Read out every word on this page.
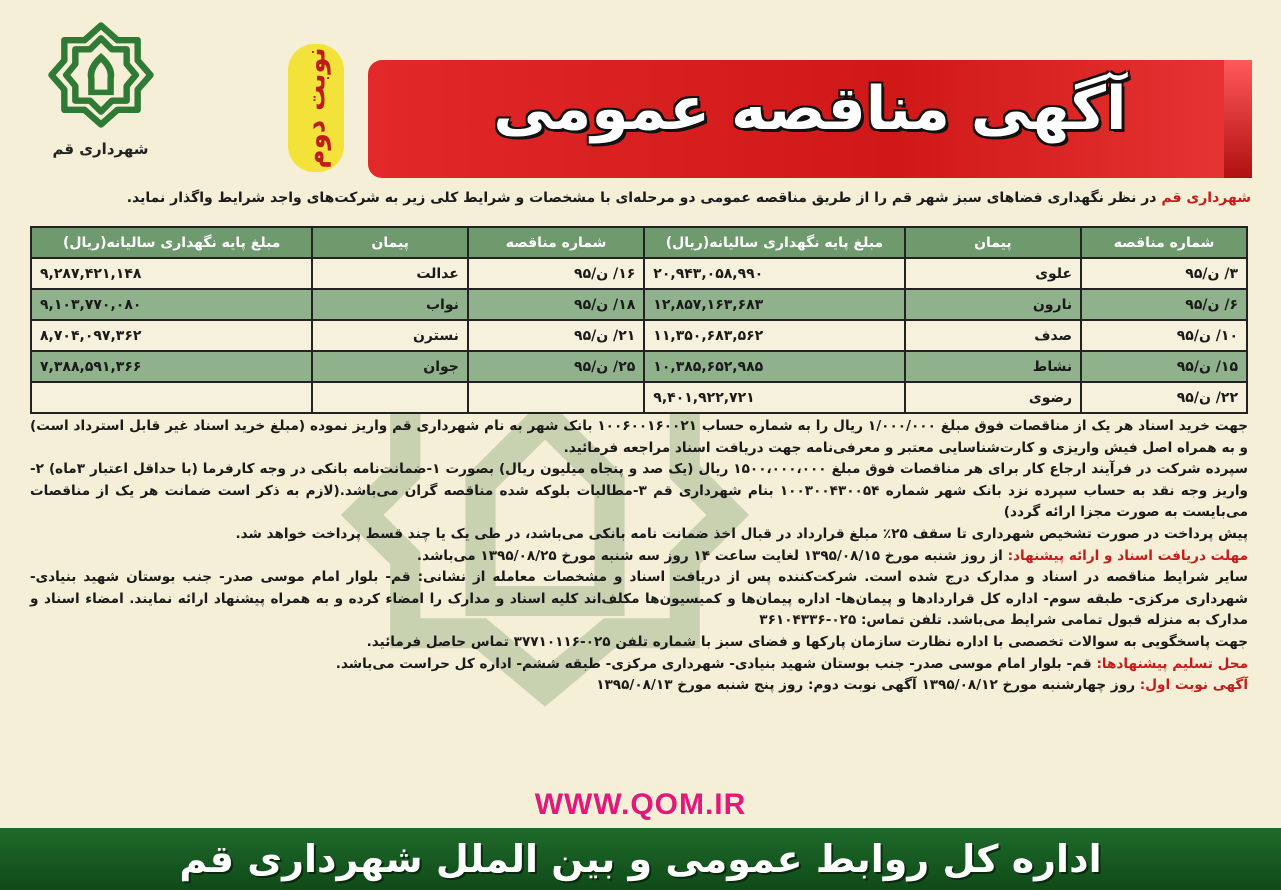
شهرداری قم	نوبت دوم	آگهی مناقصه عمومی
شهرداری قم در نظر نگهداری فضاهای سبز شهر قم را از طریق مناقصه عمومی دو مرحله‌ای با مشخصات و شرایط کلی زیر به شرکت‌های واجد شرایط واگذار نماید.
شماره مناقصه	پیمان	مبلغ پایه نگهداری سالیانه(ریال)	شماره مناقصه	پیمان	مبلغ پایه نگهداری سالیانه(ریال)
۳/ ن/۹۵	علوی	۲۰,۹۴۳,۰۵۸,۹۹۰	۱۶/ ن/۹۵	عدالت	۹,۲۸۷,۴۲۱,۱۴۸
۶/ ن/۹۵	نارون	۱۲,۸۵۷,۱۶۳,۶۸۳	۱۸/ ن/۹۵	نواب	۹,۱۰۳,۷۷۰,۰۸۰
۱۰/ ن/۹۵	صدف	۱۱,۳۵۰,۶۸۳,۵۶۲	۲۱/ ن/۹۵	نسترن	۸,۷۰۴,۰۹۷,۳۶۲
۱۵/ ن/۹۵	نشاط	۱۰,۳۸۵,۶۵۲,۹۸۵	۲۵/ ن/۹۵	جوان	۷,۳۸۸,۵۹۱,۳۶۶
۲۲/ ن/۹۵	رضوی	۹,۴۰۱,۹۲۲,۷۲۱			

جهت خرید اسناد هر یک از مناقصات فوق مبلغ ۱/۰۰۰/۰۰۰ ریال را به شماره حساب ۱۰۰۶۰۰۱۶۰۰۲۱ بانک شهر به نام شهرداری قم واریز نموده (مبلغ خرید اسناد غیر قابل استرداد است) و به همراه اصل فیش واریزی و کارت‌شناسایی معتبر و معرفی‌نامه جهت دریافت اسناد مراجعه فرمائید.

سپرده شرکت در فرآیند ارجاع کار برای هر مناقصات فوق مبلغ ۱۵۰۰،۰۰۰،۰۰۰ ریال (یک صد و پنجاه میلیون ریال) بصورت ۱-ضمانت‌نامه بانکی در وجه کارفرما (با حداقل اعتبار ۳ماه) ۲-واریز وجه نقد به حساب سپرده نزد بانک شهر شماره ۱۰۰۳۰۰۴۳۰۰۵۴ بنام شهرداری قم ۳-مطالبات بلوکه شده مناقصه گران می‌باشد.(لازم به ذکر است ضمانت هر یک از مناقصات می‌بایست به صورت مجزا ارائه گردد)

پیش پرداخت در صورت تشخیص شهرداری تا سقف ۲۵٪ مبلغ قرارداد در قبال اخذ ضمانت نامه بانکی می‌باشد، در طی یک یا چند قسط پرداخت خواهد شد.

مهلت دریافت اسناد و ارائه پیشنهاد: از روز شنبه مورخ ۱۳۹۵/۰۸/۱۵ لغایت ساعت ۱۴ روز سه شنبه مورخ ۱۳۹۵/۰۸/۲۵ می‌باشد.

سایر شرایط مناقصه در اسناد و مدارک درج شده است. شرکت‌کننده پس از دریافت اسناد و مشخصات معامله از نشانی: قم- بلوار امام موسی صدر- جنب بوستان شهید بنیادی- شهرداری مرکزی- طبقه سوم- اداره کل قراردادها و پیمان‌ها- اداره پیمان‌ها و کمیسیون‌ها مکلف‌اند کلیه اسناد و مدارک را امضاء کرده و به همراه پیشنهاد ارائه نمایند. امضاء اسناد و مدارک به منزله قبول تمامی شرایط می‌باشد. تلفن تماس: ۰۲۵-۳۶۱۰۴۳۳۶

جهت پاسخگویی به سوالات تخصصی با اداره نظارت سازمان پارکها و فضای سبز با شماره تلفن ۰۲۵-۳۷۷۱۰۱۱۶ تماس حاصل فرمائید.

محل تسلیم پیشنهادها: قم- بلوار امام موسی صدر- جنب بوستان شهید بنیادی- شهرداری مرکزی- طبقه ششم- اداره کل حراست می‌باشد.

آگهی نوبت اول: روز چهارشنبه مورخ ۱۳۹۵/۰۸/۱۲ آگهی نوبت دوم: روز پنج شنبه مورخ ۱۳۹۵/۰۸/۱۳

WWW.QOM.IR
اداره کل روابط عمومی و بین الملل شهرداری قم
